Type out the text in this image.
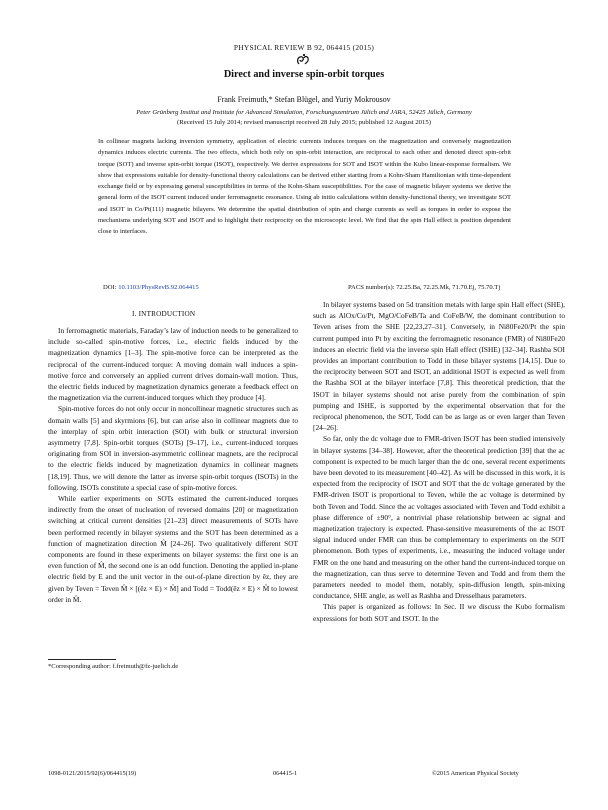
PHYSICAL REVIEW B 92, 064415 (2015)
Direct and inverse spin-orbit torques
Frank Freimuth,* Stefan Blügel, and Yuriy Mokrousov
Peter Grünberg Institut and Institute for Advanced Simulation, Forschungszentrum Jülich and JARA, 52425 Jülich, Germany
(Received 15 July 2014; revised manuscript received 28 July 2015; published 12 August 2015)
In collinear magnets lacking inversion symmetry, application of electric currents induces torques on the magnetization and conversely magnetization dynamics induces electric currents. The two effects, which both rely on spin-orbit interaction, are reciprocal to each other and denoted direct spin-orbit torque (SOT) and inverse spin-orbit torque (ISOT), respectively. We derive expressions for SOT and ISOT within the Kubo linear-response formalism. We show that expressions suitable for density-functional theory calculations can be derived either starting from a Kohn-Sham Hamiltonian with time-dependent exchange field or by expressing general susceptibilities in terms of the Kohn-Sham susceptibilities. For the case of magnetic bilayer systems we derive the general form of the ISOT current induced under ferromagnetic resonance. Using ab initio calculations within density-functional theory, we investigate SOT and ISOT in Co/Pt(111) magnetic bilayers. We determine the spatial distribution of spin and charge currents as well as torques in order to expose the mechanisms underlying SOT and ISOT and to highlight their reciprocity on the microscopic level. We find that the spin Hall effect is position dependent close to interfaces.
DOI: 10.1103/PhysRevB.92.064415	PACS number(s): 72.25.Ba, 72.25.Mk, 71.70.Ej, 75.70.Tj
I. INTRODUCTION

In ferromagnetic materials, Faraday’s law of induction needs to be generalized to include so-called spin-motive forces, i.e., electric fields induced by the magnetization dynamics [1–3]. The spin-motive force can be interpreted as the reciprocal of the current-induced torque: A moving domain wall induces a spin-motive force and conversely an applied current drives domain-wall motion. Thus, the electric fields induced by magnetization dynamics generate a feedback effect on the magnetization via the current-induced torques which they produce [4].

Spin-motive forces do not only occur in noncollinear magnetic structures such as domain walls [5] and skyrmions [6], but can arise also in collinear magnets due to the interplay of spin orbit interaction (SOI) with bulk or structural inversion asymmetry [7,8]. Spin-orbit torques (SOTs) [9–17], i.e., current-induced torques originating from SOI in inversion-asymmetric collinear magnets, are the reciprocal to the electric fields induced by magnetization dynamics in collinear magnets [18,19]. Thus, we will denote the latter as inverse spin-orbit torques (ISOTs) in the following. ISOTs constitute a special case of spin-motive forces.

While earlier experiments on SOTs estimated the current-induced torques indirectly from the onset of nucleation of reversed domains [20] or magnetization switching at critical current densities [21–23] direct measurements of SOTs have been performed recently in bilayer systems and the SOT has been determined as a function of magnetization direction M̂ [24–26]. Two qualitatively different SOT components are found in these experiments on bilayer systems: the first one is an even function of M̂, the second one is an odd function. Denoting the applied in-plane electric field by E and the unit vector in the out-of-plane direction by êz, they are given by Teven = Teven M̂ × [(êz × E) × M̂] and Todd = Todd(êz × E) × M̂ to lowest order in M̂.

*Corresponding author: f.freimuth@fz-juelich.de

In bilayer systems based on 5d transition metals with large spin Hall effect (SHE), such as AlOx/Co/Pt, MgO/CoFeB/Ta and CoFeB/W, the dominant contribution to Teven arises from the SHE [22,23,27–31]. Conversely, in Ni80Fe20/Pt the spin current pumped into Pt by exciting the ferromagnetic resonance (FMR) of Ni80Fe20 induces an electric field via the inverse spin Hall effect (ISHE) [32–34]. Rashba SOI provides an important contribution to Todd in these bilayer systems [14,15]. Due to the reciprocity between SOT and ISOT, an additional ISOT is expected as well from the Rashba SOI at the bilayer interface [7,8]. This theoretical prediction, that the ISOT in bilayer systems should not arise purely from the combination of spin pumping and ISHE, is supported by the experimental observation that for the reciprocal phenomenon, the SOT, Todd can be as large as or even larger than Teven [24–26].

So far, only the dc voltage due to FMR-driven ISOT has been studied intensively in bilayer systems [34–38]. However, after the theoretical prediction [39] that the ac component is expected to be much larger than the dc one, several recent experiments have been devoted to its measurement [40–42]. As will be discussed in this work, it is expected from the reciprocity of ISOT and SOT that the dc voltage generated by the FMR-driven ISOT is proportional to Teven, while the ac voltage is determined by both Teven and Todd. Since the ac voltages associated with Teven and Todd exhibit a phase difference of ±90°, a nontrivial phase relationship between ac signal and magnetization trajectory is expected. Phase-sensitive measurements of the ac ISOT signal induced under FMR can thus be complementary to experiments on the SOT phenomenon. Both types of experiments, i.e., measuring the induced voltage under FMR on the one hand and measuring on the other hand the current-induced torque on the magnetization, can thus serve to determine Teven and Todd and from them the parameters needed to model them, notably, spin-diffusion length, spin-mixing conductance, SHE angle, as well as Rashba and Dresselhaus parameters.

This paper is organized as follows: In Sec. II we discuss the Kubo formalism expressions for both SOT and ISOT. In the

1098-0121/2015/92(6)/064415(19)	064415-1	©2015 American Physical Society
